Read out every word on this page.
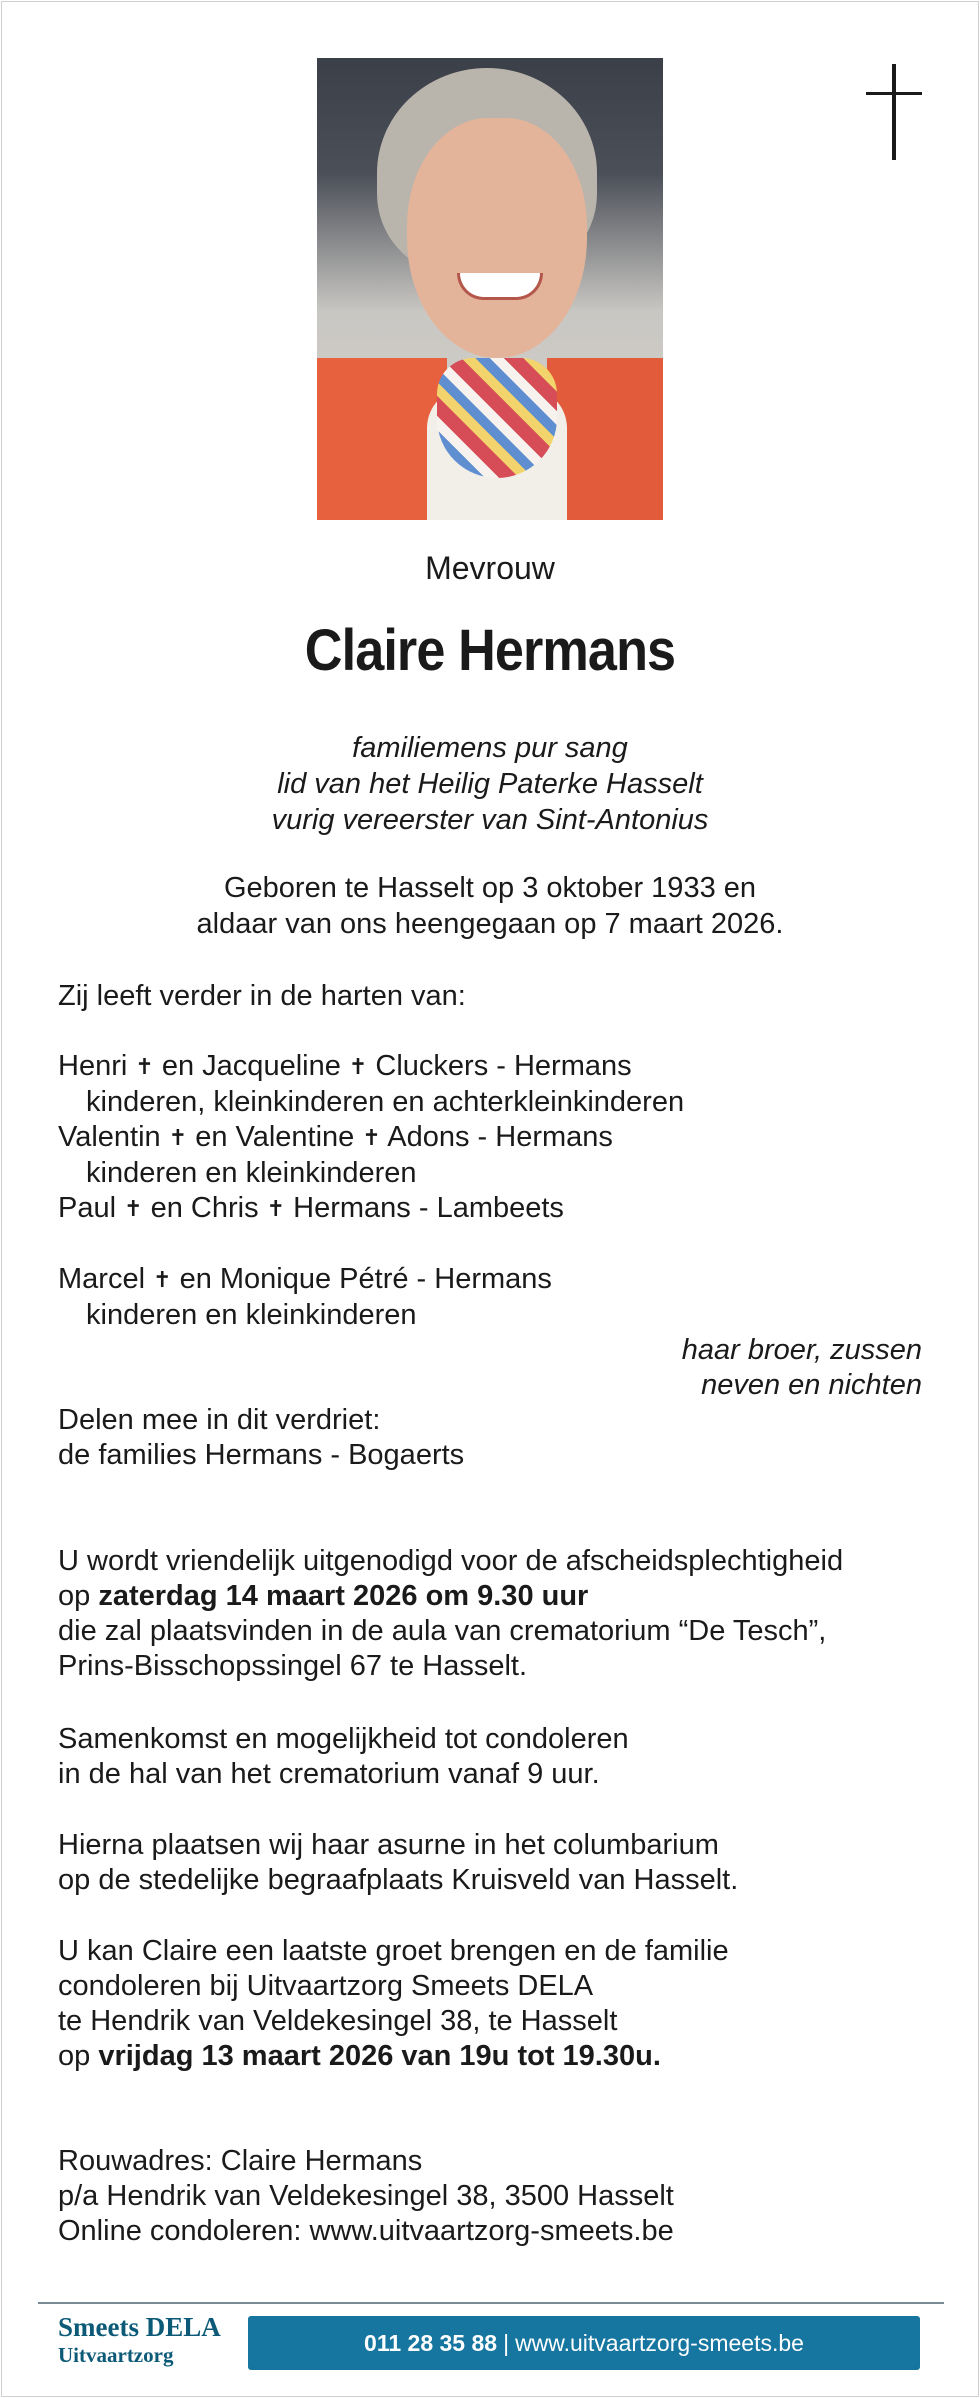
Mevrouw
Claire Hermans
familiemens pur sang
lid van het Heilig Paterke Hasselt
vurig vereerster van Sint-Antonius
Geboren te Hasselt op 3 oktober 1933 en
aldaar van ons heengegaan op 7 maart 2026.
Zij leeft verder in de harten van:
Henri ✝ en Jacqueline ✝ Cluckers - Hermans
kinderen, kleinkinderen en achterkleinkinderen
Valentin ✝ en Valentine ✝ Adons - Hermans
kinderen en kleinkinderen
Paul ✝ en Chris ✝ Hermans - Lambeets
Marcel ✝ en Monique Pétré - Hermans
kinderen en kleinkinderen
haar broer, zussen
neven en nichten
Delen mee in dit verdriet:
de families Hermans - Bogaerts
U wordt vriendelijk uitgenodigd voor de afscheidsplechtigheid
op zaterdag 14 maart 2026 om 9.30 uur
die zal plaatsvinden in de aula van crematorium “De Tesch”,
Prins-Bisschopssingel 67 te Hasselt.
Samenkomst en mogelijkheid tot condoleren
in de hal van het crematorium vanaf 9 uur.
Hierna plaatsen wij haar asurne in het columbarium
op de stedelijke begraafplaats Kruisveld van Hasselt.
U kan Claire een laatste groet brengen en de familie
condoleren bij Uitvaartzorg Smeets DELA
te Hendrik van Veldekesingel 38, te Hasselt
op vrijdag 13 maart 2026 van 19u tot 19.30u.
Rouwadres: Claire Hermans
p/a Hendrik van Veldekesingel 38, 3500 Hasselt
Online condoleren: www.uitvaartzorg-smeets.be
Smeets DELA
Uitvaartzorg	011 28 35 88 | www.uitvaartzorg-smeets.be
